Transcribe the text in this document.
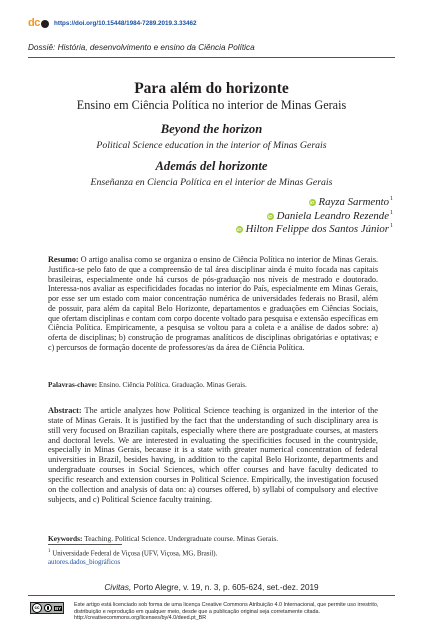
dc https://doi.org/10.15448/1984-7289.2019.3.33462
Dossiê: História, desenvolvimento e ensino da Ciência Política
Para além do horizonte
Ensino em Ciência Política no interior de Minas Gerais
Beyond the horizon
Political Science education in the interior of Minas Gerais
Además del horizonte
Enseñanza en Ciencia Política en el interior de Minas Gerais
iD Rayza Sarmento$^1$
iD Daniela Leandro Rezende$^1$
iD Hilton Felippe dos Santos Júnior$^1$
Resumo: O artigo analisa como se organiza o ensino de Ciência Política no interior de Minas Gerais. Justifica-se pelo fato de que a compreensão de tal área disciplinar ainda é muito focada nas capitais brasileiras, especialmente onde há cursos de pós-graduação nos níveis de mestrado e doutorado. Interessa-nos avaliar as especificidades focadas no interior do País, especialmente em Minas Gerais, por esse ser um estado com maior concentração numérica de universidades federais no Brasil, além de possuir, para além da capital Belo Horizonte, departamentos e graduações em Ciências Sociais, que ofertam disciplinas e contam com corpo docente voltado para pesquisa e extensão específicas em Ciência Política. Empiricamente, a pesquisa se voltou para a coleta e a análise de dados sobre: a) oferta de disciplinas; b) construção de programas analíticos de disciplinas obrigatórias e optativas; e c) percursos de formação docente de professores/as da área de Ciência Política.
Palavras-chave: Ensino. Ciência Política. Graduação. Minas Gerais.
Abstract: The article analyzes how Political Science teaching is organized in the interior of the state of Minas Gerais. It is justified by the fact that the understanding of such disciplinary area is still very focused on Brazilian capitals, especially where there are postgraduate courses, at masters and doctoral levels. We are interested in evaluating the specificities focused in the countryside, especially in Minas Gerais, because it is a state with greater numerical concentration of federal universities in Brazil, besides having, in addition to the capital Belo Horizonte, departments and undergraduate courses in Social Sciences, which offer courses and have faculty dedicated to specific research and extension courses in Political Science. Empirically, the investigation focused on the collection and analysis of data on: a) courses offered, b) syllabi of compulsory and elective subjects, and c) Political Science faculty training.
Keywords: Teaching. Political Science. Undergraduate course. Minas Gerais.
$^1$ Universidade Federal de Viçosa (UFV, Viçosa, MG, Brasil).
autores.dados_biográficos
Civitas, Porto Alegre, v. 19, n. 3, p. 605-624, set.-dez. 2019
cc	BY Este artigo está licenciado sob forma de uma licença Creative Commons Atribuição 4.0 Internacional, que permite uso irrestrito, distribuição e reprodução em qualquer meio, desde que a publicação original seja corretamente citada.
http://creativecommons.org/licenses/by/4.0/deed.pt_BR
